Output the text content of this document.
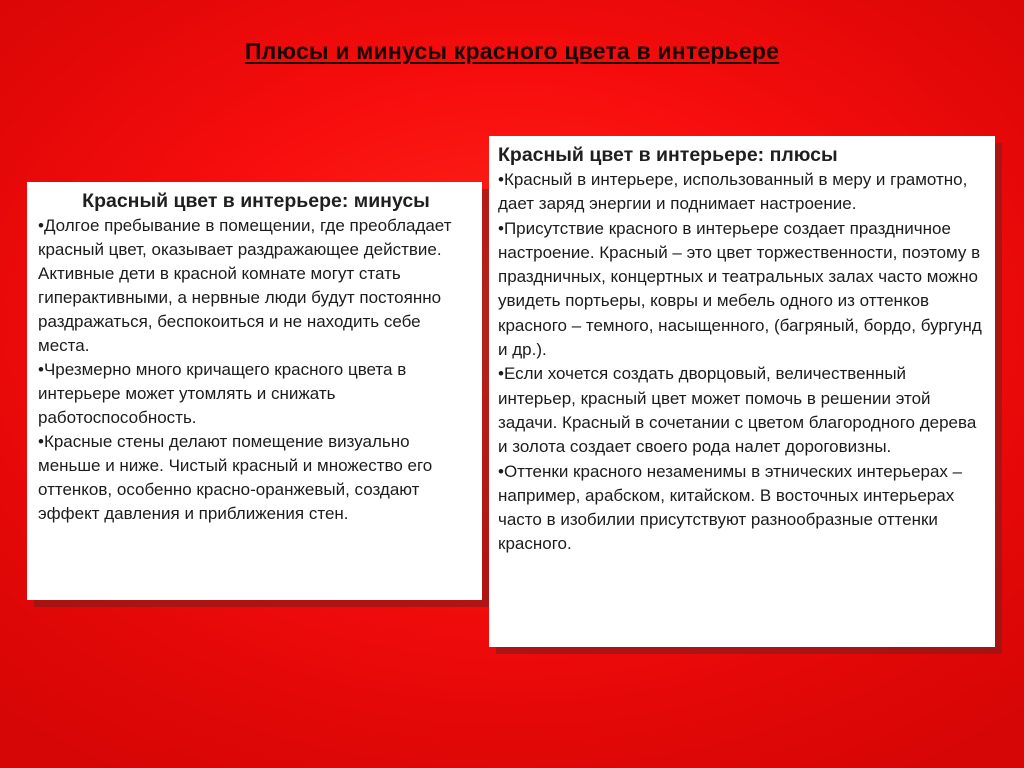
Плюсы и минусы красного цвета в интерьере
Красный цвет в интерьере: минусы
• Долгое пребывание в помещении, где преобладает красный цвет, оказывает раздражающее действие. Активные дети в красной комнате могут стать гиперактивными, а нервные люди будут постоянно раздражаться, беспокоиться и не находить себе места.
• Чрезмерно много кричащего красного цвета в интерьере может утомлять и снижать работоспособность.
• Красные стены делают помещение визуально меньше и ниже. Чистый красный и множество его оттенков, особенно красно-оранжевый, создают эффект давления и приближения стен.
Красный цвет в интерьере: плюсы
• Красный в интерьере, использованный в меру и грамотно, дает заряд энергии и поднимает настроение.
• Присутствие красного в интерьере создает праздничное настроение. Красный – это цвет торжественности, поэтому в праздничных, концертных и театральных залах часто можно увидеть портьеры, ковры и мебель одного из оттенков красного – темного, насыщенного, (багряный, бордо, бургунд и др.).
• Если хочется создать дворцовый, величественный интерьер, красный цвет может помочь в решении этой задачи. Красный в сочетании с цветом благородного дерева и золота создает своего рода налет дороговизны.
• Оттенки красного незаменимы в этнических интерьерах – например, арабском, китайском. В восточных интерьерах часто в изобилии присутствуют разнообразные оттенки красного.
